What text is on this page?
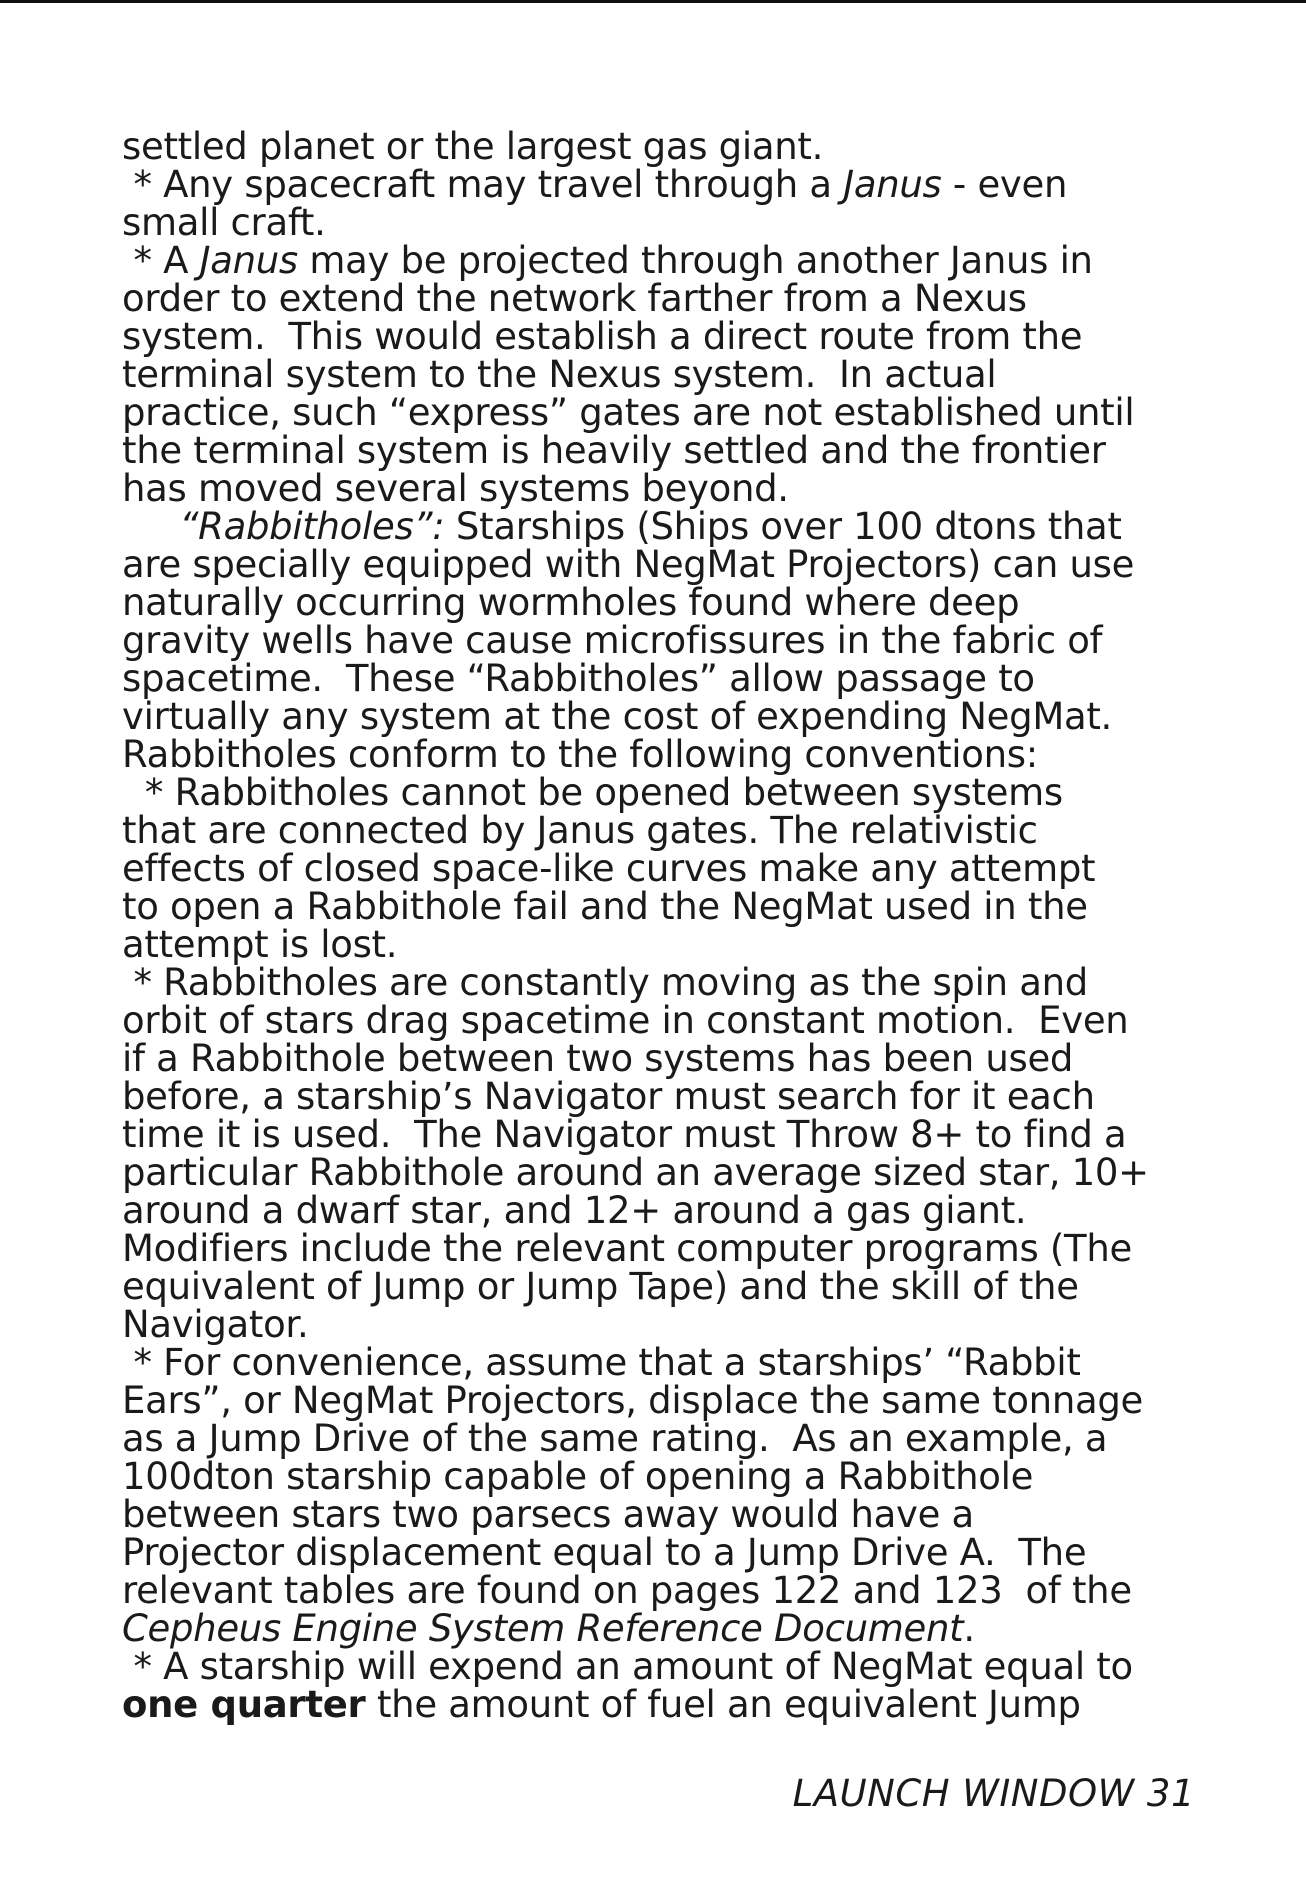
settled planet or the largest gas giant.
* Any spacecraft may travel through a Janus - even
small craft.
* A Janus may be projected through another Janus in
order to extend the network farther from a Nexus
system.  This would establish a direct route from the
terminal system to the Nexus system.  In actual
practice, such “express” gates are not established until
the terminal system is heavily settled and the frontier
has moved several systems beyond.
“Rabbitholes”: Starships (Ships over 100 dtons that
are specially equipped with NegMat Projectors) can use
naturally occurring wormholes found where deep
gravity wells have cause microfissures in the fabric of
spacetime.  These “Rabbitholes” allow passage to
virtually any system at the cost of expending NegMat.
Rabbitholes conform to the following conventions:
* Rabbitholes cannot be opened between systems
that are connected by Janus gates. The relativistic
effects of closed space-like curves make any attempt
to open a Rabbithole fail and the NegMat used in the
attempt is lost.
* Rabbitholes are constantly moving as the spin and
orbit of stars drag spacetime in constant motion.  Even
if a Rabbithole between two systems has been used
before, a starship’s Navigator must search for it each
time it is used.  The Navigator must Throw 8+ to find a
particular Rabbithole around an average sized star, 10+
around a dwarf star, and 12+ around a gas giant.
Modifiers include the relevant computer programs (The
equivalent of Jump or Jump Tape) and the skill of the
Navigator.
* For convenience, assume that a starships’ “Rabbit
Ears”, or NegMat Projectors, displace the same tonnage
as a Jump Drive of the same rating.  As an example, a
100dton starship capable of opening a Rabbithole
between stars two parsecs away would have a
Projector displacement equal to a Jump Drive A.  The
relevant tables are found on pages 122 and 123  of the
Cepheus Engine System Reference Document.
* A starship will expend an amount of NegMat equal to
one quarter the amount of fuel an equivalent Jump
LAUNCH WINDOW 31
